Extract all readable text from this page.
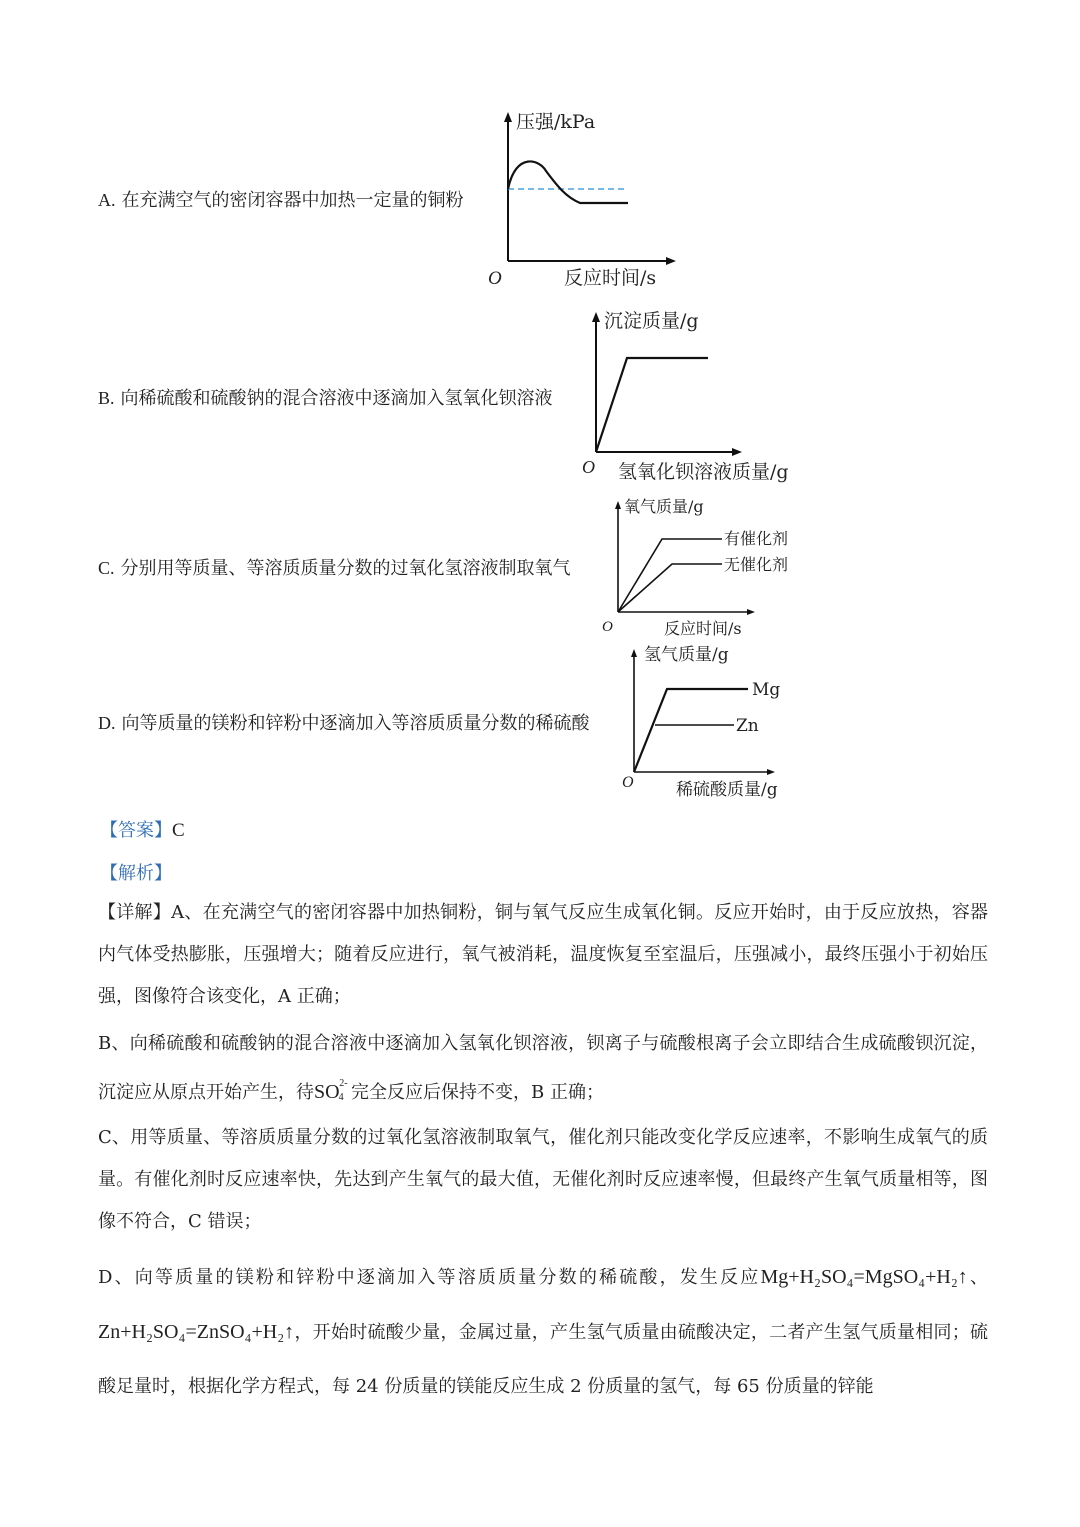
A. 在充满空气的密闭容器中加热一定量的铜粉
压强/kPa
反应时间/s
O
B. 向稀硫酸和硫酸钠的混合溶液中逐滴加入氢氧化钡溶液
沉淀质量/g
氢氧化钡溶液质量/g
O
C. 分别用等质量、等溶质质量分数的过氧化氢溶液制取氧气
氧气质量/g
有催化剂
无催化剂
反应时间/s
O
D. 向等质量的镁粉和锌粉中逐滴加入等溶质质量分数的稀硫酸
氢气质量/g
Mg
Zn
稀硫酸质量/g
O
【答案】C
【解析】

【详解】A、在充满空气的密闭容器中加热铜粉，铜与氧气反应生成氧化铜。反应开始时，由于反应放热，容器内气体受热膨胀，压强增大；随着反应进行，氧气被消耗，温度恢复至室温后，压强减小，最终压强小于初始压强，图像符合该变化，A 正确；

B、向稀硫酸和硫酸钠的混合溶液中逐滴加入氢氧化钡溶液，钡离子与硫酸根离子会立即结合生成硫酸钡沉淀，沉淀应从原点开始产生，待SO 2-
4 完全反应后保持不变，B 正确；

C、用等质量、等溶质质量分数的过氧化氢溶液制取氧气，催化剂只能改变化学反应速率，不影响生成氧气的质量。有催化剂时反应速率快，先达到产生氧气的最大值，无催化剂时反应速率慢，但最终产生氧气质量相等，图像不符合，C 错误；

D、向等质量的镁粉和锌粉中逐滴加入等溶质质量分数的稀硫酸，发生反应Mg+H₂SO₄=MgSO₄+H₂↑、Zn+H₂SO₄=ZnSO₄+H₂↑，开始时硫酸少量，金属过量，产生氢气质量由硫酸决定，二者产生氢气质量相同；硫酸足量时，根据化学方程式，每 24 份质量的镁能反应生成 2 份质量的氢气，每 65 份质量的锌能
